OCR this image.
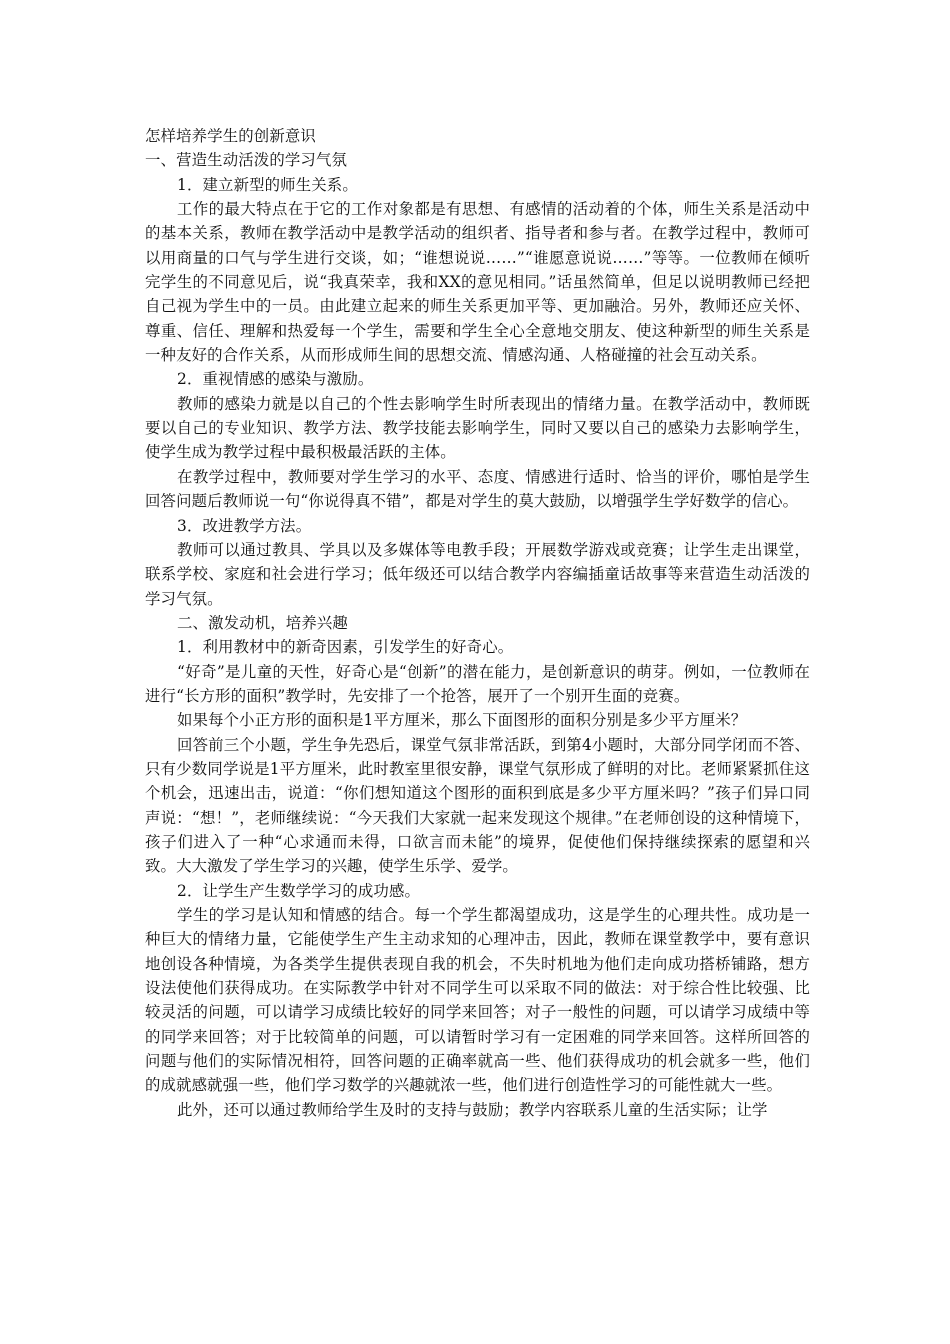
怎样培养学生的创新意识

一、营造生动活泼的学习气氛

1．建立新型的师生关系。

工作的最大特点在于它的工作对象都是有思想、有感情的活动着的个体，师生关系是活动中的基本关系，教师在教学活动中是教学活动的组织者、指导者和参与者。在教学过程中，教师可以用商量的口气与学生进行交谈，如；“谁想说说……”“谁愿意说说……”等等。一位教师在倾听完学生的不同意见后，说“我真荣幸，我和XX的意见相同。”话虽然简单，但足以说明教师已经把自己视为学生中的一员。由此建立起来的师生关系更加平等、更加融洽。另外，教师还应关怀、尊重、信任、理解和热爱每一个学生，需要和学生全心全意地交朋友、使这种新型的师生关系是一种友好的合作关系，从而形成师生间的思想交流、情感沟通、人格碰撞的社会互动关系。

2．重视情感的感染与激励。

教师的感染力就是以自己的个性去影响学生时所表现出的情绪力量。在教学活动中，教师既要以自己的专业知识、教学方法、教学技能去影响学生，同时又要以自己的感染力去影响学生，使学生成为教学过程中最积极最活跃的主体。

在教学过程中，教师要对学生学习的水平、态度、情感进行适时、恰当的评价，哪怕是学生回答问题后教师说一句“你说得真不错”，都是对学生的莫大鼓励，以增强学生学好数学的信心。

3．改进教学方法。

教师可以通过教具、学具以及多媒体等电教手段；开展数学游戏或竞赛；让学生走出课堂，联系学校、家庭和社会进行学习；低年级还可以结合教学内容编插童话故事等来营造生动活泼的学习气氛。

二、激发动机，培养兴趣

1．利用教材中的新奇因素，引发学生的好奇心。

“好奇”是儿童的天性，好奇心是“创新”的潜在能力，是创新意识的萌芽。例如，一位教师在进行“长方形的面积”教学时，先安排了一个抢答，展开了一个别开生面的竞赛。

如果每个小正方形的面积是1平方厘米，那么下面图形的面积分别是多少平方厘米？

回答前三个小题，学生争先恐后，课堂气氛非常活跃，到第4小题时，大部分同学闭而不答、只有少数同学说是1平方厘米，此时教室里很安静，课堂气氛形成了鲜明的对比。老师紧紧抓住这个机会，迅速出击，说道：“你们想知道这个图形的面积到底是多少平方厘米吗？”孩子们异口同声说：“想！”，老师继续说：“今天我们大家就一起来发现这个规律。”在老师创设的这种情境下，孩子们进入了一种“心求通而未得，口欲言而未能”的境界，促使他们保持继续探索的愿望和兴致。大大激发了学生学习的兴趣，使学生乐学、爱学。

2．让学生产生数学学习的成功感。

学生的学习是认知和情感的结合。每一个学生都渴望成功，这是学生的心理共性。成功是一种巨大的情绪力量，它能使学生产生主动求知的心理冲击，因此，教师在课堂教学中，要有意识地创设各种情境，为各类学生提供表现自我的机会，不失时机地为他们走向成功搭桥铺路，想方设法使他们获得成功。在实际教学中针对不同学生可以采取不同的做法：对于综合性比较强、比较灵活的问题，可以请学习成绩比较好的同学来回答；对子一般性的问题，可以请学习成绩中等的同学来回答；对于比较简单的问题，可以请暂时学习有一定困难的同学来回答。这样所回答的问题与他们的实际情况相符，回答问题的正确率就高一些、他们获得成功的机会就多一些，他们的成就感就强一些，他们学习数学的兴趣就浓一些，他们进行创造性学习的可能性就大一些。

此外，还可以通过教师给学生及时的支持与鼓励；教学内容联系儿童的生活实际；让学
